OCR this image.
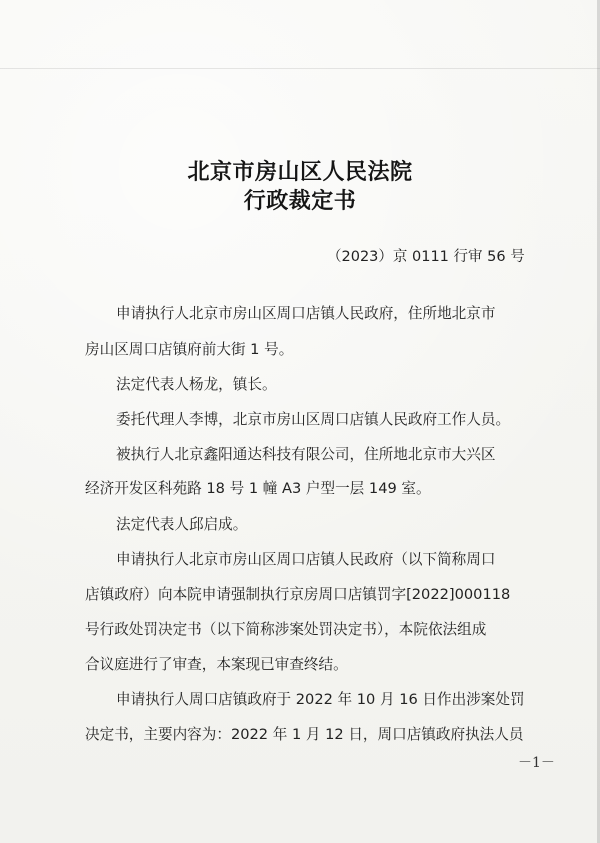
北京市房山区人民法院
行政裁定书
（2023）京 0111 行审 56 号
申请执行人北京市房山区周口店镇人民政府，住所地北京市
房山区周口店镇府前大街 1 号。
法定代表人杨龙，镇长。
委托代理人李博，北京市房山区周口店镇人民政府工作人员。
被执行人北京鑫阳通达科技有限公司，住所地北京市大兴区
经济开发区科苑路 18 号 1 幢 A3 户型一层 149 室。
法定代表人邱启成。
申请执行人北京市房山区周口店镇人民政府（以下简称周口
店镇政府）向本院申请强制执行京房周口店镇罚字[2022]000118
号行政处罚决定书（以下简称涉案处罚决定书），本院依法组成
合议庭进行了审查，本案现已审查终结。
申请执行人周口店镇政府于 2022 年 10 月 16 日作出涉案处罚
决定书，主要内容为：2022 年 1 月 12 日，周口店镇政府执法人员
－1－
